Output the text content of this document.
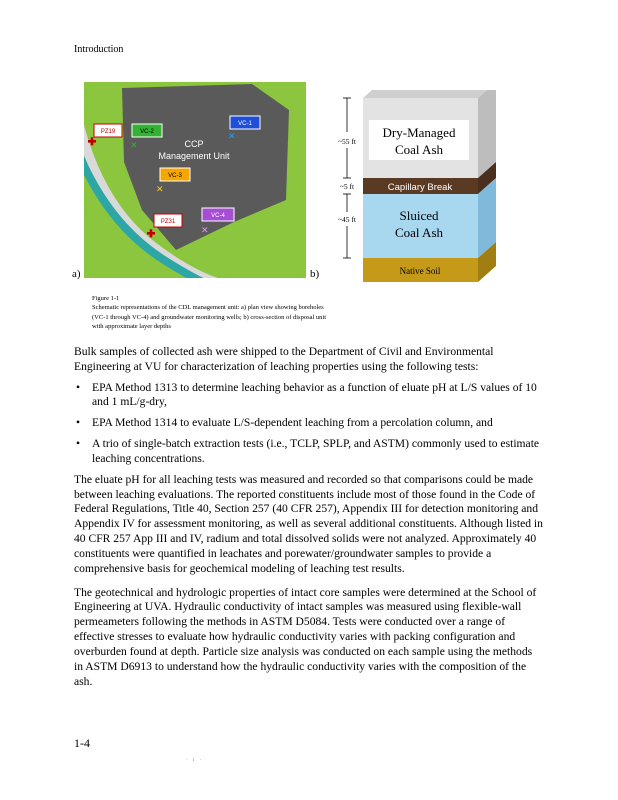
Introduction
CCP
Management Unit
PZ19	VC-2
✕
VC-1
✕
VC-3
✕
VC-4
✕
PZ31
a)
Dry-Managed
Coal Ash
Capillary Break
Sluiced
Coal Ash
Native Soil
~55 ft
~5 ft
~45 ft
b)
Figure 1-1
Schematic representations of the CDL management unit: a) plan view showing boreholes
(VC-1 through VC-4) and groundwater monitoring wells; b) cross-section of disposal unit
with approximate layer depths

Bulk samples of collected ash were shipped to the Department of Civil and Environmental Engineering at VU for characterization of leaching properties using the following tests:

• EPA Method 1313 to determine leaching behavior as a function of eluate pH at L/S values of 10 and 1 mL/g-dry,
• EPA Method 1314 to evaluate L/S-dependent leaching from a percolation column, and
• A trio of single-batch extraction tests (i.e., TCLP, SPLP, and ASTM) commonly used to estimate leaching concentrations.

The eluate pH for all leaching tests was measured and recorded so that comparisons could be made between leaching evaluations. The reported constituents include most of those found in the Code of Federal Regulations, Title 40, Section 257 (40 CFR 257), Appendix III for detection monitoring and Appendix IV for assessment monitoring, as well as several additional constituents. Although listed in 40 CFR 257 App III and IV, radium and total dissolved solids were not analyzed. Approximately 40 constituents were quantified in leachates and porewater/groundwater samples to provide a comprehensive basis for geochemical modeling of leaching test results.

The geotechnical and hydrologic properties of intact core samples were determined at the School of Engineering at UVA. Hydraulic conductivity of intact samples was measured using flexible-wall permeameters following the methods in ASTM D5084. Tests were conducted over a range of effective stresses to evaluate how hydraulic conductivity varies with packing configuration and overburden found at depth. Particle size analysis was conducted on each sample using the methods in ASTM D6913 to understand how the hydraulic conductivity varies with the composition of the ash.

1-4
· i ·
